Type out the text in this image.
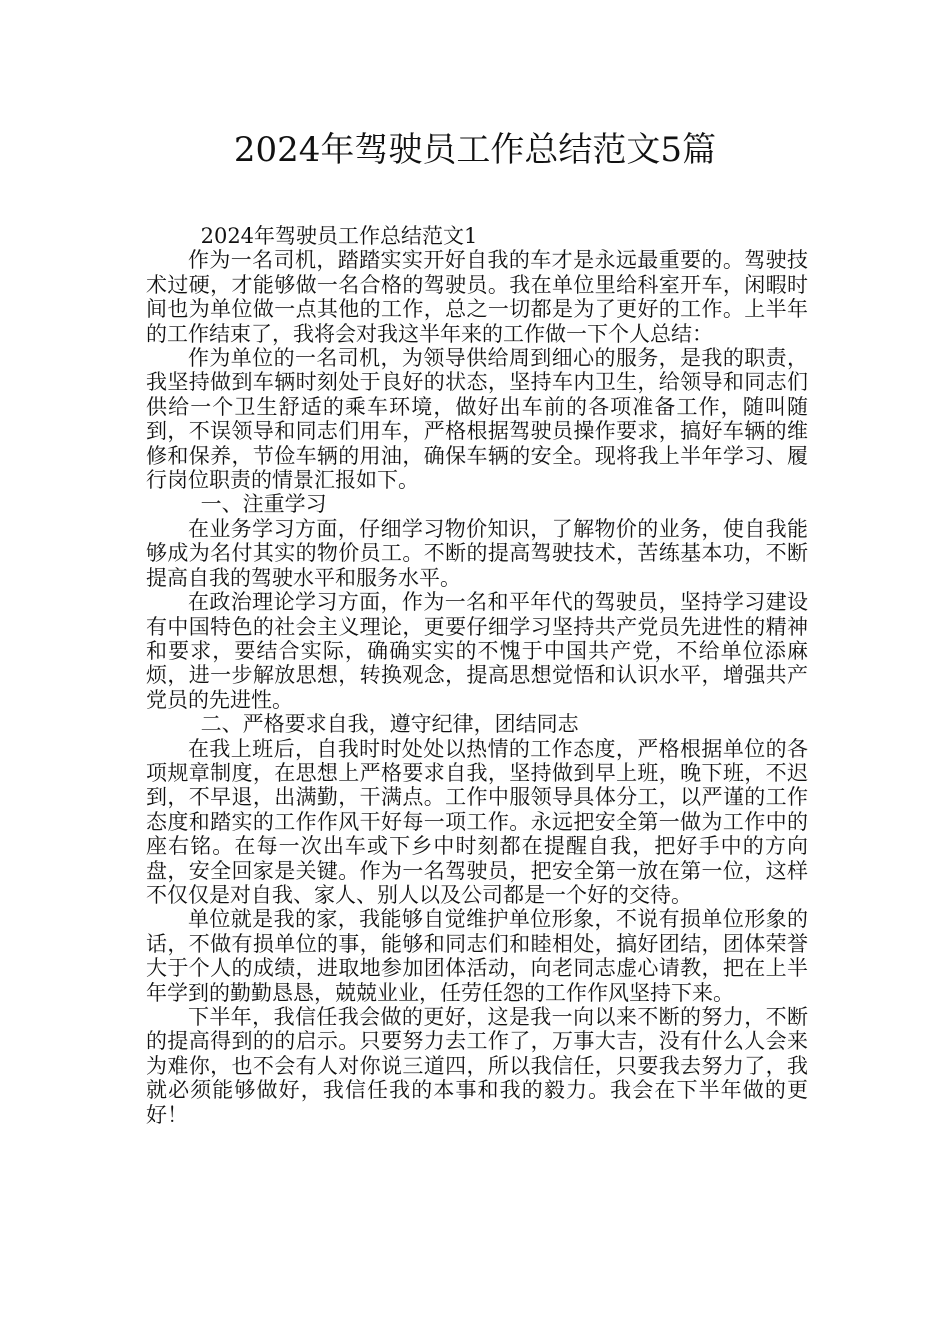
2024年驾驶员工作总结范文5篇

2024年驾驶员工作总结范文1

作为一名司机，踏踏实实开好自我的车才是永远最重要的。驾驶技术过硬，才能够做一名合格的驾驶员。我在单位里给科室开车，闲暇时间也为单位做一点其他的工作，总之一切都是为了更好的工作。上半年的工作结束了，我将会对我这半年来的工作做一下个人总结：

作为单位的一名司机，为领导供给周到细心的服务，是我的职责，我坚持做到车辆时刻处于良好的状态，坚持车内卫生，给领导和同志们供给一个卫生舒适的乘车环境，做好出车前的各项准备工作，随叫随到，不误领导和同志们用车，严格根据驾驶员操作要求，搞好车辆的维修和保养，节俭车辆的用油，确保车辆的安全。现将我上半年学习、履行岗位职责的情景汇报如下。

一、注重学习

在业务学习方面，仔细学习物价知识，了解物价的业务，使自我能够成为名付其实的物价员工。不断的提高驾驶技术，苦练基本功，不断提高自我的驾驶水平和服务水平。

在政治理论学习方面，作为一名和平年代的驾驶员，坚持学习建设有中国特色的社会主义理论，更要仔细学习坚持共产党员先进性的精神和要求，要结合实际，确确实实的不愧于中国共产党，不给单位添麻烦，进一步解放思想，转换观念，提高思想觉悟和认识水平，增强共产党员的先进性。

二、严格要求自我，遵守纪律，团结同志

在我上班后，自我时时处处以热情的工作态度，严格根据单位的各项规章制度，在思想上严格要求自我，坚持做到早上班，晚下班，不迟到，不早退，出满勤，干满点。工作中服领导具体分工，以严谨的工作态度和踏实的工作作风干好每一项工作。永远把安全第一做为工作中的座右铭。在每一次出车或下乡中时刻都在提醒自我，把好手中的方向盘，安全回家是关键。作为一名驾驶员，把安全第一放在第一位，这样不仅仅是对自我、家人、别人以及公司都是一个好的交待。

单位就是我的家，我能够自觉维护单位形象，不说有损单位形象的话，不做有损单位的事，能够和同志们和睦相处，搞好团结，团体荣誉大于个人的成绩，进取地参加团体活动，向老同志虚心请教，把在上半年学到的勤勤恳恳，兢兢业业，任劳任怨的工作作风坚持下来。

下半年，我信任我会做的更好，这是我一向以来不断的努力，不断的提高得到的的启示。只要努力去工作了，万事大吉，没有什么人会来为难你，也不会有人对你说三道四，所以我信任，只要我去努力了，我就必须能够做好，我信任我的本事和我的毅力。我会在下半年做的更好！
